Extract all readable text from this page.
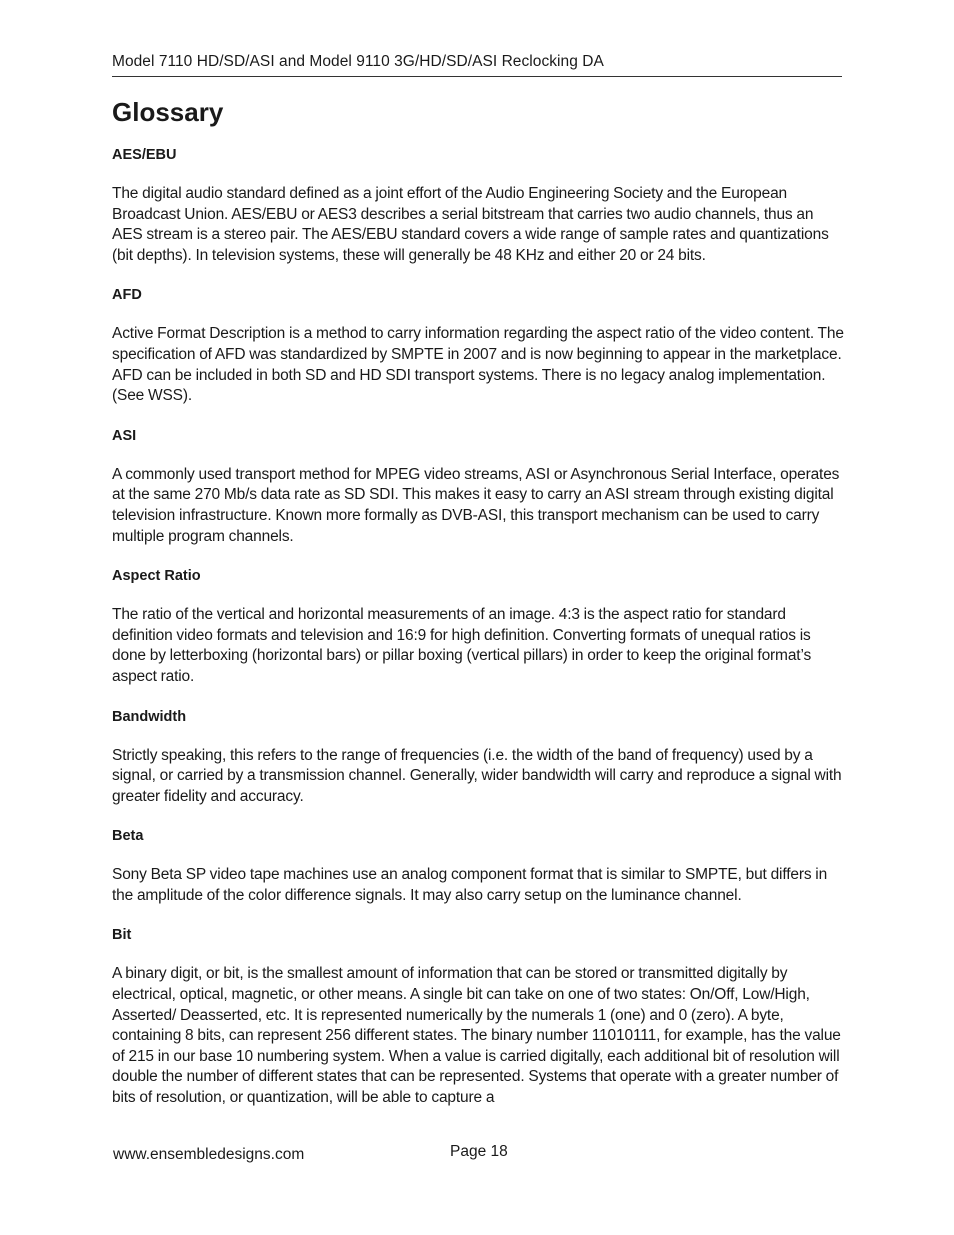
Model 7110 HD/SD/ASI and Model 9110 3G/HD/SD/ASI Reclocking DA
Glossary
AES/EBU

The digital audio standard defined as a joint effort of the Audio Engineering Society and the European Broadcast Union. AES/EBU or AES3 describes a serial bitstream that carries two audio channels, thus an AES stream is a stereo pair. The AES/EBU standard covers a wide range of sample rates and quantizations (bit depths). In television systems, these will generally be 48 KHz and either 20 or 24 bits.

AFD

Active Format Description is a method to carry information regarding the aspect ratio of the video content. The specification of AFD was standardized by SMPTE in 2007 and is now beginning to appear in the marketplace. AFD can be included in both SD and HD SDI transport systems. There is no legacy analog implementation. (See WSS).

ASI

A commonly used transport method for MPEG video streams, ASI or Asynchronous Serial Interface, operates at the same 270 Mb/s data rate as SD SDI. This makes it easy to carry an ASI stream through existing digital television infrastructure. Known more formally as DVB-ASI, this transport mechanism can be used to carry multiple program channels.

Aspect Ratio

The ratio of the vertical and horizontal measurements of an image. 4:3 is the aspect ratio for standard definition video formats and television and 16:9 for high definition. Converting formats of unequal ratios is done by letterboxing (horizontal bars) or pillar boxing (vertical pillars) in order to keep the original format’s aspect ratio.

Bandwidth

Strictly speaking, this refers to the range of frequencies (i.e. the width of the band of frequency) used by a signal, or carried by a transmission channel. Generally, wider bandwidth will carry and reproduce a signal with greater fidelity and accuracy.

Beta

Sony Beta SP video tape machines use an analog component format that is similar to SMPTE, but differs in the amplitude of the color difference signals. It may also carry setup on the luminance channel.

Bit

A binary digit, or bit, is the smallest amount of information that can be stored or transmitted digitally by electrical, optical, magnetic, or other means. A single bit can take on one of two states: On/Off, Low/High, Asserted/ Deasserted, etc. It is represented numerically by the numerals 1 (one) and 0 (zero). A byte, containing 8 bits, can represent 256 different states. The binary number 11010111, for example, has the value of 215 in our base 10 numbering system. When a value is carried digitally, each additional bit of resolution will double the number of different states that can be represented. Systems that operate with a greater number of bits of resolution, or quantization, will be able to capture a

www.ensembledesigns.com	Page 18
